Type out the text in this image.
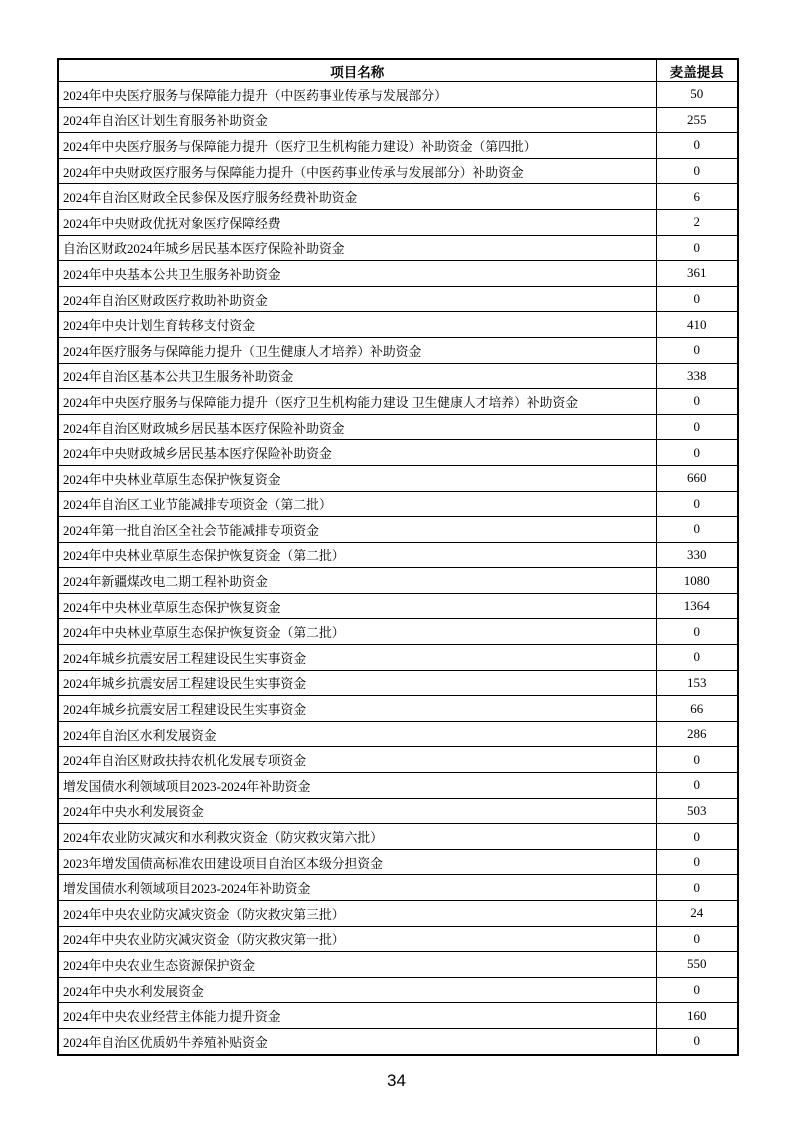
项目名称	麦盖提县
2024年中央医疗服务与保障能力提升（中医药事业传承与发展部分）	50
2024年自治区计划生育服务补助资金	255
2024年中央医疗服务与保障能力提升（医疗卫生机构能力建设）补助资金（第四批）	0
2024年中央财政医疗服务与保障能力提升（中医药事业传承与发展部分）补助资金	0
2024年自治区财政全民参保及医疗服务经费补助资金	6
2024年中央财政优抚对象医疗保障经费	2
自治区财政2024年城乡居民基本医疗保险补助资金	0
2024年中央基本公共卫生服务补助资金	361
2024年自治区财政医疗救助补助资金	0
2024年中央计划生育转移支付资金	410
2024年医疗服务与保障能力提升（卫生健康人才培养）补助资金	0
2024年自治区基本公共卫生服务补助资金	338
2024年中央医疗服务与保障能力提升（医疗卫生机构能力建设 卫生健康人才培养）补助资金	0
2024年自治区财政城乡居民基本医疗保险补助资金	0
2024年中央财政城乡居民基本医疗保险补助资金	0
2024年中央林业草原生态保护恢复资金	660
2024年自治区工业节能减排专项资金（第二批）	0
2024年第一批自治区全社会节能减排专项资金	0
2024年中央林业草原生态保护恢复资金（第二批）	330
2024年新疆煤改电二期工程补助资金	1080
2024年中央林业草原生态保护恢复资金	1364
2024年中央林业草原生态保护恢复资金（第二批）	0
2024年城乡抗震安居工程建设民生实事资金	0
2024年城乡抗震安居工程建设民生实事资金	153
2024年城乡抗震安居工程建设民生实事资金	66
2024年自治区水利发展资金	286
2024年自治区财政扶持农机化发展专项资金	0
增发国债水利领域项目2023-2024年补助资金	0
2024年中央水利发展资金	503
2024年农业防灾减灾和水利救灾资金（防灾救灾第六批）	0
2023年增发国债高标准农田建设项目自治区本级分担资金	0
增发国债水利领域项目2023-2024年补助资金	0
2024年中央农业防灾减灾资金（防灾救灾第三批）	24
2024年中央农业防灾减灾资金（防灾救灾第一批）	0
2024年中央农业生态资源保护资金	550
2024年中央水利发展资金	0
2024年中央农业经营主体能力提升资金	160
2024年自治区优质奶牛养殖补贴资金	0
34
